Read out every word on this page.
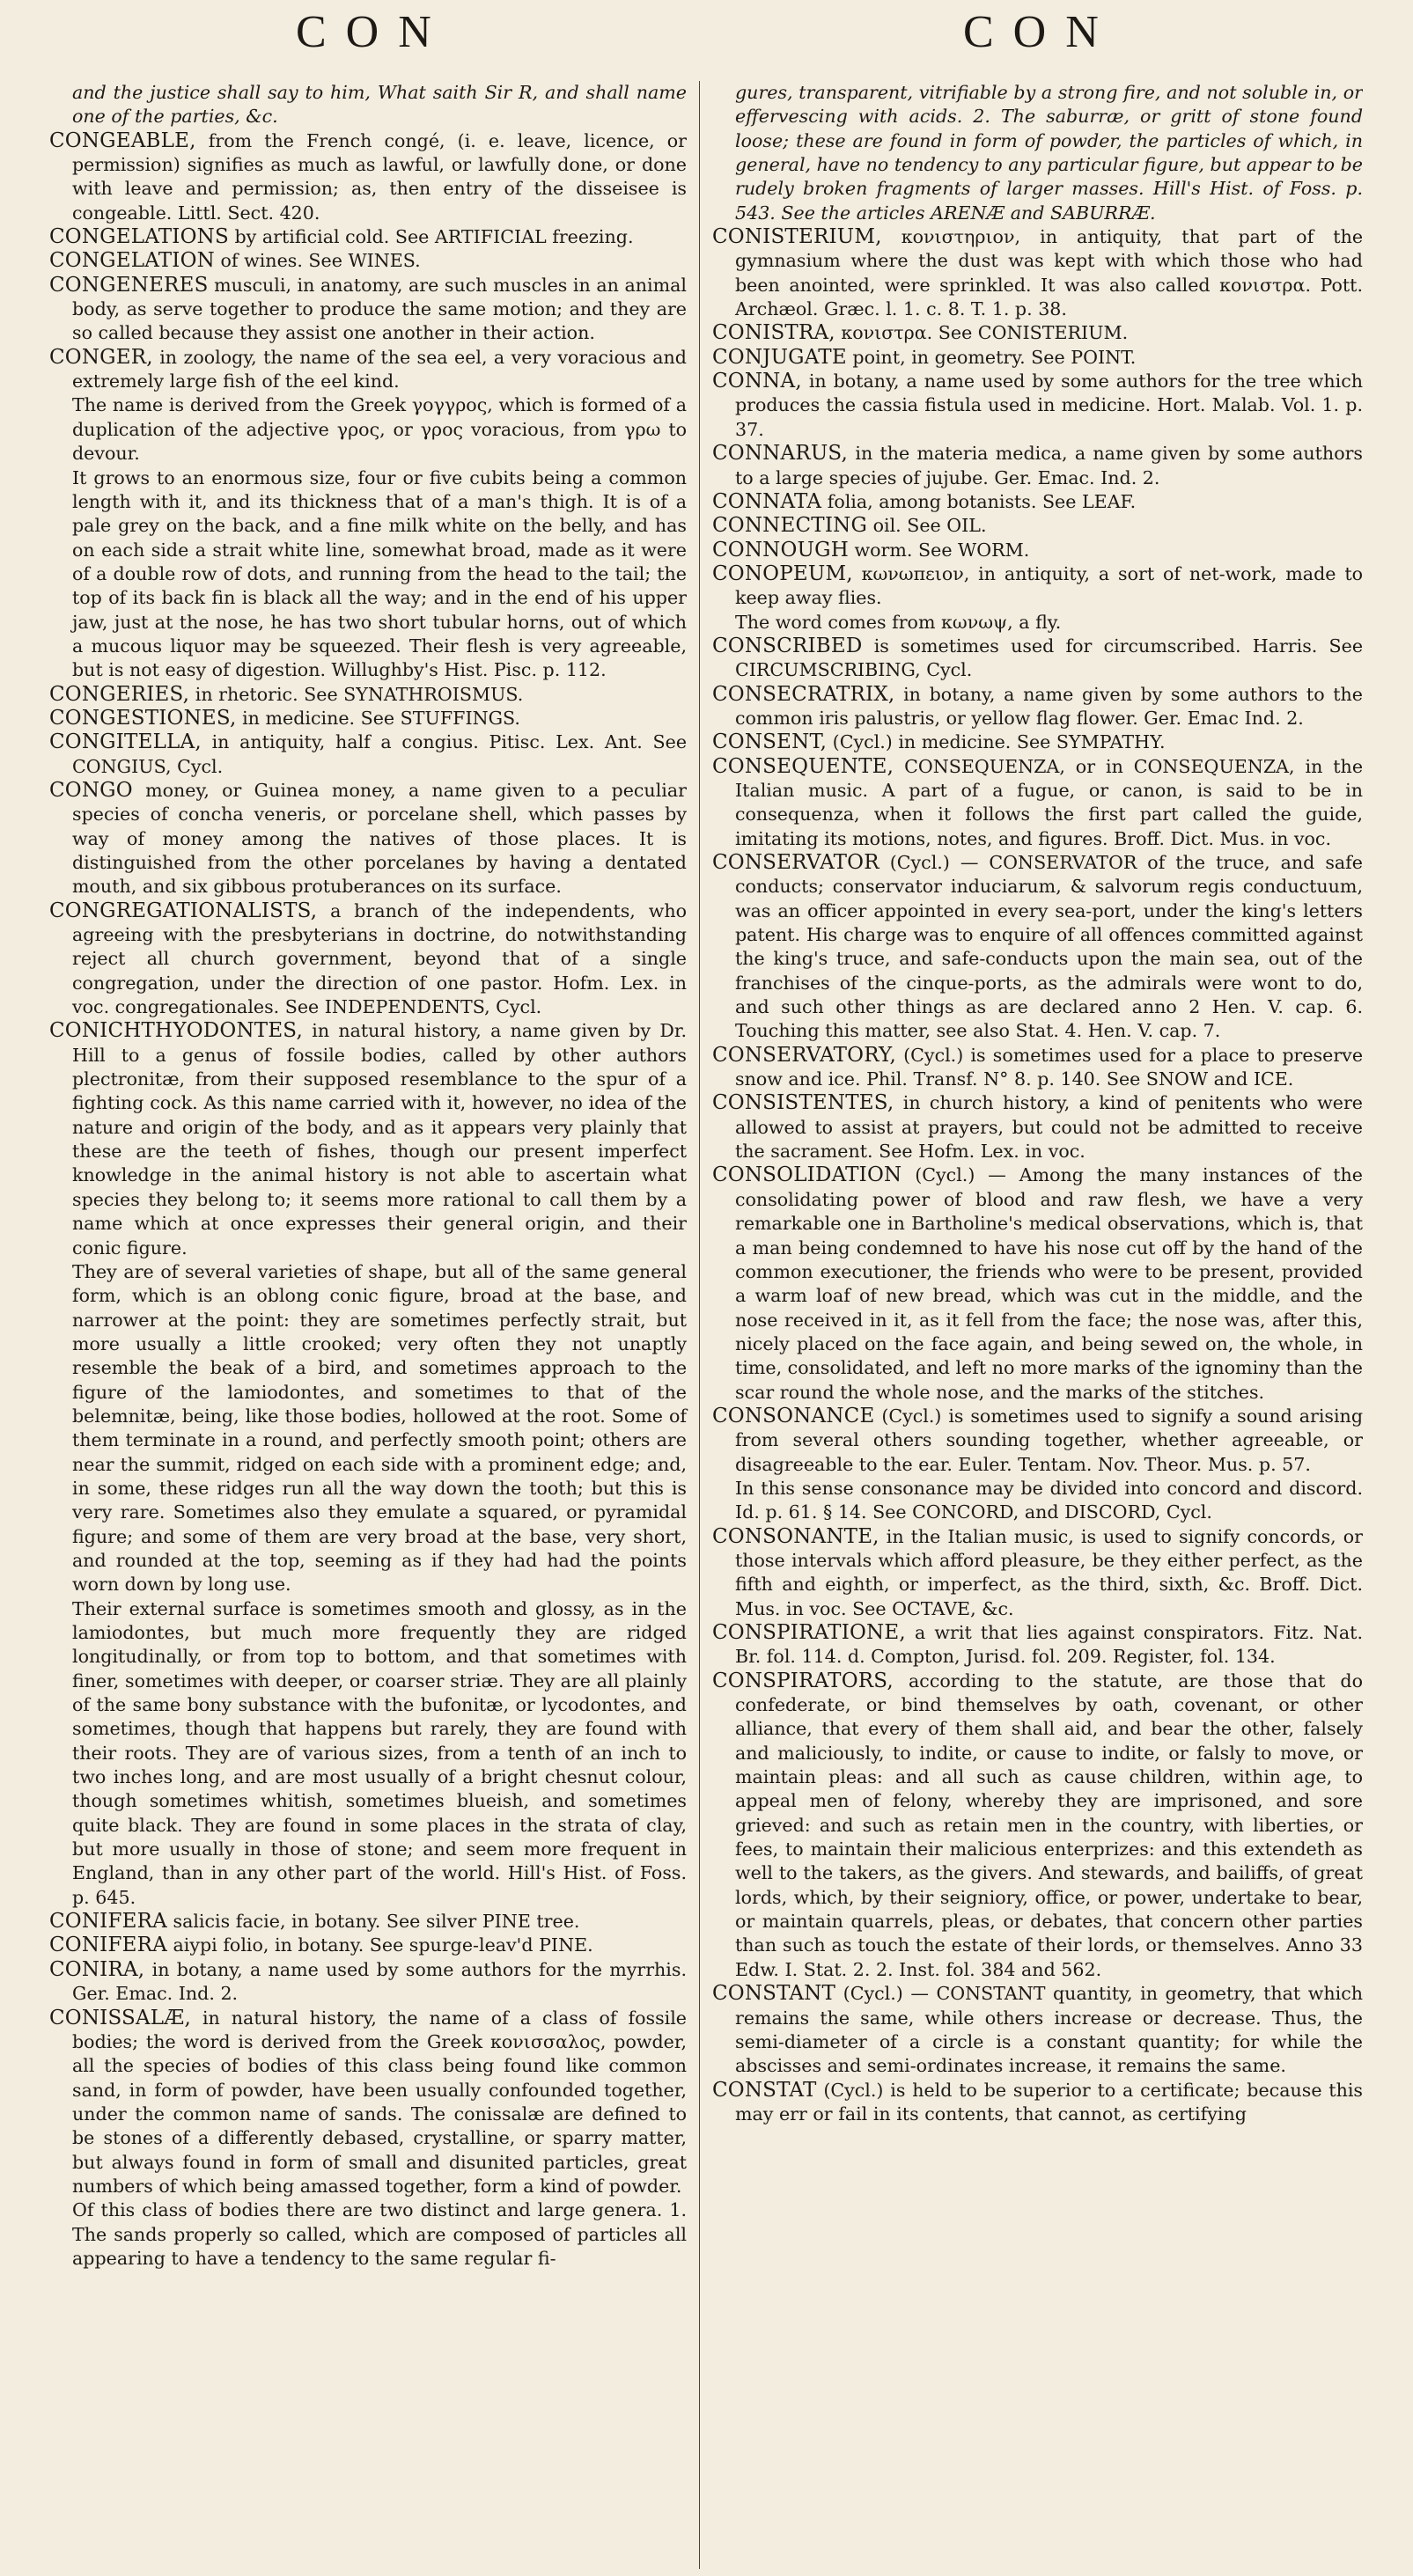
CON	CON

and the justice shall say to him, What saith Sir R, and shall name one of the parties, &c.

CONGEABLE, from the French congé, (i. e. leave, licence, or permission) signifies as much as lawful, or lawfully done, or done with leave and permission; as, then entry of the disseisee is congeable. Littl. Sect. 420.

CONGELATIONS by artificial cold. See ARTIFICIAL freezing.

CONGELATION of wines. See WINES.

CONGENERES musculi, in anatomy, are such muscles in an animal body, as serve together to produce the same motion; and they are so called because they assist one another in their action.

CONGER, in zoology, the name of the sea eel, a very voracious and extremely large fish of the eel kind.

The name is derived from the Greek γογγρος, which is formed of a duplication of the adjective γρος, or γρος voracious, from γρω to devour.

It grows to an enormous size, four or five cubits being a common length with it, and its thickness that of a man's thigh. It is of a pale grey on the back, and a fine milk white on the belly, and has on each side a strait white line, somewhat broad, made as it were of a double row of dots, and running from the head to the tail; the top of its back fin is black all the way; and in the end of his upper jaw, just at the nose, he has two short tubular horns, out of which a mucous liquor may be squeezed. Their flesh is very agreeable, but is not easy of digestion. Willughby's Hist. Pisc. p. 112.

CONGERIES, in rhetoric. See SYNATHROISMUS.

CONGESTIONES, in medicine. See STUFFINGS.

CONGITELLA, in antiquity, half a congius. Pitisc. Lex. Ant. See CONGIUS, Cycl.

CONGO money, or Guinea money, a name given to a peculiar species of concha veneris, or porcelane shell, which passes by way of money among the natives of those places. It is distinguished from the other porcelanes by having a dentated mouth, and six gibbous protuberances on its surface.

CONGREGATIONALISTS, a branch of the independents, who agreeing with the presbyterians in doctrine, do notwithstanding reject all church government, beyond that of a single congregation, under the direction of one pastor. Hofm. Lex. in voc. congregationales. See INDEPENDENTS, Cycl.

CONICHTHYODONTES, in natural history, a name given by Dr. Hill to a genus of fossile bodies, called by other authors plectronitæ, from their supposed resemblance to the spur of a fighting cock. As this name carried with it, however, no idea of the nature and origin of the body, and as it appears very plainly that these are the teeth of fishes, though our present imperfect knowledge in the animal history is not able to ascertain what species they belong to; it seems more rational to call them by a name which at once expresses their general origin, and their conic figure.

They are of several varieties of shape, but all of the same general form, which is an oblong conic figure, broad at the base, and narrower at the point: they are sometimes perfectly strait, but more usually a little crooked; very often they not unaptly resemble the beak of a bird, and sometimes approach to the figure of the lamiodontes, and sometimes to that of the belemnitæ, being, like those bodies, hollowed at the root. Some of them terminate in a round, and perfectly smooth point; others are near the summit, ridged on each side with a prominent edge; and, in some, these ridges run all the way down the tooth; but this is very rare. Sometimes also they emulate a squared, or pyramidal figure; and some of them are very broad at the base, very short, and rounded at the top, seeming as if they had had the points worn down by long use.

Their external surface is sometimes smooth and glossy, as in the lamiodontes, but much more frequently they are ridged longitudinally, or from top to bottom, and that sometimes with finer, sometimes with deeper, or coarser striæ. They are all plainly of the same bony substance with the bufonitæ, or lycodontes, and sometimes, though that happens but rarely, they are found with their roots. They are of various sizes, from a tenth of an inch to two inches long, and are most usually of a bright chesnut colour, though sometimes whitish, sometimes blueish, and sometimes quite black. They are found in some places in the strata of clay, but more usually in those of stone; and seem more frequent in England, than in any other part of the world. Hill's Hist. of Foss. p. 645.

CONIFERA salicis facie, in botany. See silver PINE tree.

CONIFERA aiypi folio, in botany. See spurge-leav'd PINE.

CONIRA, in botany, a name used by some authors for the myrrhis. Ger. Emac. Ind. 2.

CONISSALÆ, in natural history, the name of a class of fossile bodies; the word is derived from the Greek κονισσαλος, powder, all the species of bodies of this class being found like common sand, in form of powder, have been usually confounded together, under the common name of sands. The conissalæ are defined to be stones of a differently debased, crystalline, or sparry matter, but always found in form of small and disunited particles, great numbers of which being amassed together, form a kind of powder.

Of this class of bodies there are two distinct and large genera. 1. The sands properly so called, which are composed of particles all appearing to have a tendency to the same regular fi-

gures, transparent, vitrifiable by a strong fire, and not soluble in, or effervescing with acids. 2. The saburræ, or gritt of stone found loose; these are found in form of powder, the particles of which, in general, have no tendency to any particular figure, but appear to be rudely broken fragments of larger masses. Hill's Hist. of Foss. p. 543. See the articles ARENÆ and SABURRÆ.

CONISTERIUM, κονιστηριον, in antiquity, that part of the gymnasium where the dust was kept with which those who had been anointed, were sprinkled. It was also called κονιστρα. Pott. Archæol. Græc. l. 1. c. 8. T. 1. p. 38.

CONISTRA, κονιστρα. See CONISTERIUM.

CONJUGATE point, in geometry. See POINT.

CONNA, in botany, a name used by some authors for the tree which produces the cassia fistula used in medicine. Hort. Malab. Vol. 1. p. 37.

CONNARUS, in the materia medica, a name given by some authors to a large species of jujube. Ger. Emac. Ind. 2.

CONNATA folia, among botanists. See LEAF.

CONNECTING oil. See OIL.

CONNOUGH worm. See WORM.

CONOPEUM, κωνωπειον, in antiquity, a sort of net-work, made to keep away flies.

The word comes from κωνωψ, a fly.

CONSCRIBED is sometimes used for circumscribed. Harris. See CIRCUMSCRIBING, Cycl.

CONSECRATRIX, in botany, a name given by some authors to the common iris palustris, or yellow flag flower. Ger. Emac Ind. 2.

CONSENT, (Cycl.) in medicine. See SYMPATHY.

CONSEQUENTE, CONSEQUENZA, or in CONSEQUENZA, in the Italian music. A part of a fugue, or canon, is said to be in consequenza, when it follows the first part called the guide, imitating its motions, notes, and figures. Broff. Dict. Mus. in voc.

CONSERVATOR (Cycl.) — CONSERVATOR of the truce, and safe conducts; conservator induciarum, & salvorum regis conductuum, was an officer appointed in every sea-port, under the king's letters patent. His charge was to enquire of all offences committed against the king's truce, and safe-conducts upon the main sea, out of the franchises of the cinque-ports, as the admirals were wont to do, and such other things as are declared anno 2 Hen. V. cap. 6. Touching this matter, see also Stat. 4. Hen. V. cap. 7.

CONSERVATORY, (Cycl.) is sometimes used for a place to preserve snow and ice. Phil. Transf. N° 8. p. 140. See SNOW and ICE.

CONSISTENTES, in church history, a kind of penitents who were allowed to assist at prayers, but could not be admitted to receive the sacrament. See Hofm. Lex. in voc.

CONSOLIDATION (Cycl.) — Among the many instances of the consolidating power of blood and raw flesh, we have a very remarkable one in Bartholine's medical observations, which is, that a man being condemned to have his nose cut off by the hand of the common executioner, the friends who were to be present, provided a warm loaf of new bread, which was cut in the middle, and the nose received in it, as it fell from the face; the nose was, after this, nicely placed on the face again, and being sewed on, the whole, in time, consolidated, and left no more marks of the ignominy than the scar round the whole nose, and the marks of the stitches.

CONSONANCE (Cycl.) is sometimes used to signify a sound arising from several others sounding together, whether agreeable, or disagreeable to the ear. Euler. Tentam. Nov. Theor. Mus. p. 57.

In this sense consonance may be divided into concord and discord. Id. p. 61. § 14. See CONCORD, and DISCORD, Cycl.

CONSONANTE, in the Italian music, is used to signify concords, or those intervals which afford pleasure, be they either perfect, as the fifth and eighth, or imperfect, as the third, sixth, &c. Broff. Dict. Mus. in voc. See OCTAVE, &c.

CONSPIRATIONE, a writ that lies against conspirators. Fitz. Nat. Br. fol. 114. d. Compton, Jurisd. fol. 209. Register, fol. 134.

CONSPIRATORS, according to the statute, are those that do confederate, or bind themselves by oath, covenant, or other alliance, that every of them shall aid, and bear the other, falsely and maliciously, to indite, or cause to indite, or falsly to move, or maintain pleas: and all such as cause children, within age, to appeal men of felony, whereby they are imprisoned, and sore grieved: and such as retain men in the country, with liberties, or fees, to maintain their malicious enterprizes: and this extendeth as well to the takers, as the givers. And stewards, and bailiffs, of great lords, which, by their seigniory, office, or power, undertake to bear, or maintain quarrels, pleas, or debates, that concern other parties than such as touch the estate of their lords, or themselves. Anno 33 Edw. I. Stat. 2. 2. Inst. fol. 384 and 562.

CONSTANT (Cycl.) — CONSTANT quantity, in geometry, that which remains the same, while others increase or decrease. Thus, the semi-diameter of a circle is a constant quantity; for while the abscisses and semi-ordinates increase, it remains the same.

CONSTAT (Cycl.) is held to be superior to a certificate; because this may err or fail in its contents, that cannot, as certifying
